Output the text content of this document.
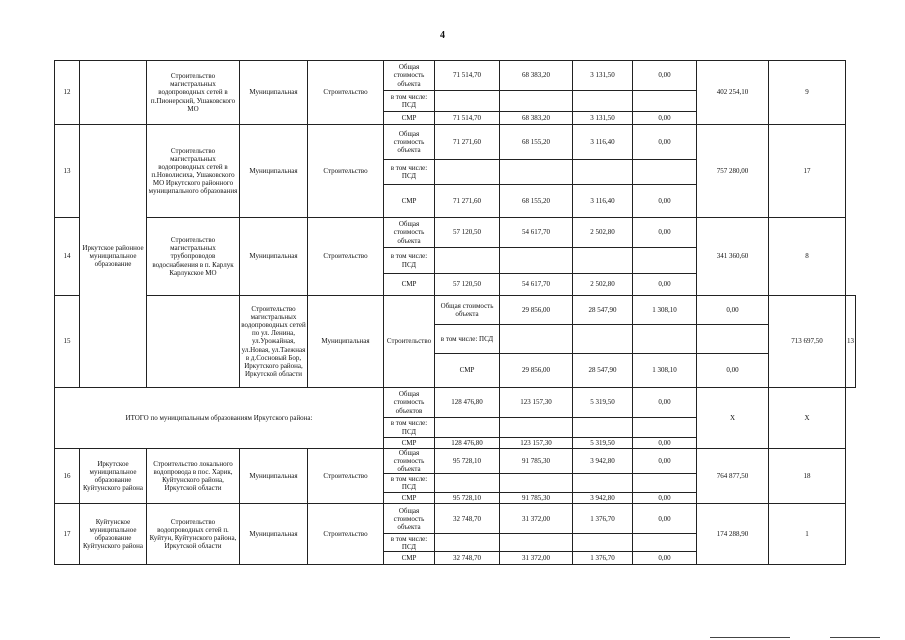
4
12		Строительство магистральных водопроводных сетей в п.Пионерский, Ушаковского МО	Муниципальная	Строительство	Общая стоимость объекта	71 514,70	68 383,20	3 131,50	0,00	402 254,10	9	
					в том числе: ПСД							
					СМР	71 514,70	68 383,20	3 131,50	0,00			
13	Иркутское районное муниципальное образование	Строительство магистральных водопроводных сетей в п.Новолисиха, Ушаковского МО Иркутского районного муниципального образования	Муниципальная	Строительство	Общая стоимость объекта	71 271,60	68 155,20	3 116,40	0,00	757 280,00	17	
					в том числе: ПСД							
					СМР	71 271,60	68 155,20	3 116,40	0,00			
14		Строительство магистральных трубопроводов водоснабжения в п. Карлук Карлукское МО	Муниципальная	Строительство	Общая стоимость объекта	57 120,50	54 617,70	2 502,80	0,00	341 360,60	8	
					в том числе: ПСД							
					СМР	57 120,50	54 617,70	2 502,80	0,00			
15			Строительство магистральных водопроводных сетей по ул. Ленина, ул.Урожайная, ул.Новая, ул.Таежная в д.Сосновый Бор, Иркутского района, Иркутской области	Муниципальная	Строительство	Общая стоимость объекта	29 856,00	28 547,90	1 308,10	0,00	713 697,50	13
						в том числе: ПСД						
						СМР	29 856,00	28 547,90	1 308,10	0,00		
ИТОГО по муниципальным образованиям Иркутского района:					Общая стоимость объектов	128 476,80	123 157,30	5 319,50	0,00	X	X	
					в том числе: ПСД							
					СМР	128 476,80	123 157,30	5 319,50	0,00			
16	Иркутское муниципальное образование Куйтунского района	Строительство локального водопровода в пос. Харик, Куйтунского района, Иркутской области	Муниципальная	Строительство	Общая стоимость объекта	95 728,10	91 785,30	3 942,80	0,00	764 877,50	18	
					в том числе: ПСД							
					СМР	95 728,10	91 785,30	3 942,80	0,00			
17	Куйтунское муниципальное образование Куйтунского района	Строительство водопроводных сетей п. Куйтун, Куйтунского района, Иркутской области	Муниципальная	Строительство	Общая стоимость объекта	32 748,70	31 372,00	1 376,70	0,00	174 288,90	1	
					в том числе: ПСД							
					СМР	32 748,70	31 372,00	1 376,70	0,00			
